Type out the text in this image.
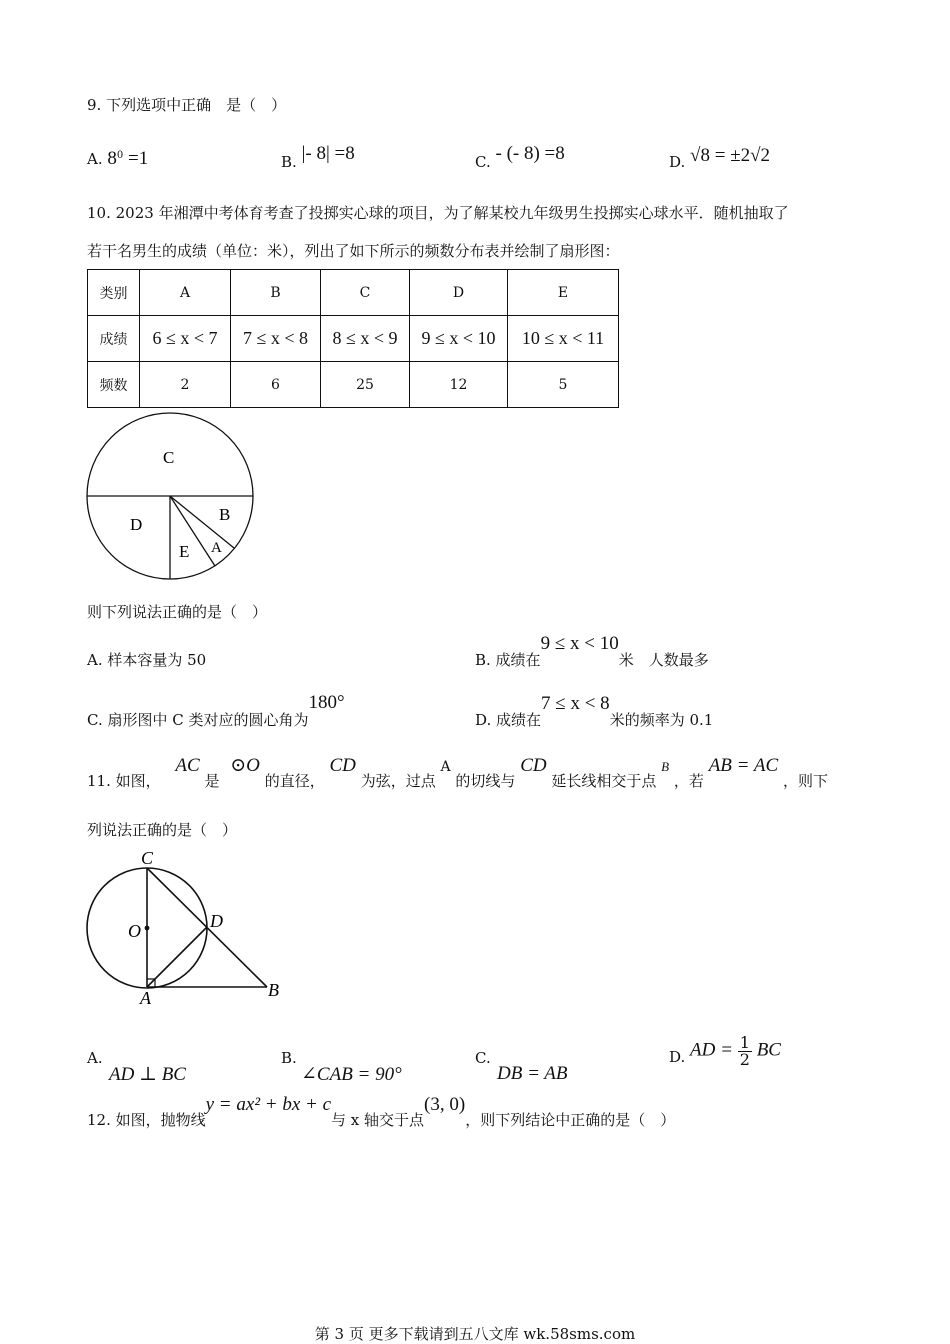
9. 下列选项中正确　是（　）
A. $8^0 =1$	B. |- 8| =8	C. - (- 8) =8	D. √8 = ±2√2
10. 2023 年湘潭中考体育考查了投掷实心球的项目，为了解某校九年级男生投掷实心球水平．随机抽取了
若干名男生的成绩（单位：米），列出了如下所示的频数分布表并绘制了扇形图：
类别	A	B	C	D	E
成绩	6 ≤ x < 7	7 ≤ x < 8	8 ≤ x < 9	9 ≤ x < 10	10 ≤ x < 11
频数	2	6	25	12	5
C
D
B
E A
则下列说法正确的是（　）
A. 样本容量为 50	B. 成绩在9 ≤ x < 10米　人数最多
C. 扇形图中 C 类对应的圆心角为180°
D. 成绩在7 ≤ x < 8米的频率为 0.1
11. 如图， AC 是 ⊙O 的直径， CD 为弦，过点 A 的切线与 CD 延长线相交于点 B ，若 AB = AC ，则下
列说法正确的是（　）
C
O	D
A	B
A.
AD ⊥ BC
B.
∠CAB = 90°
C.
DB = AB
D. AD = $\frac{1}{2}$ BC
12. 如图，抛物线y = ax² + bx + c与 x 轴交于点(3, 0)，则下列结论中正确的是（　）
第 3 页 更多下载请到五八文库 wk.58sms.com
